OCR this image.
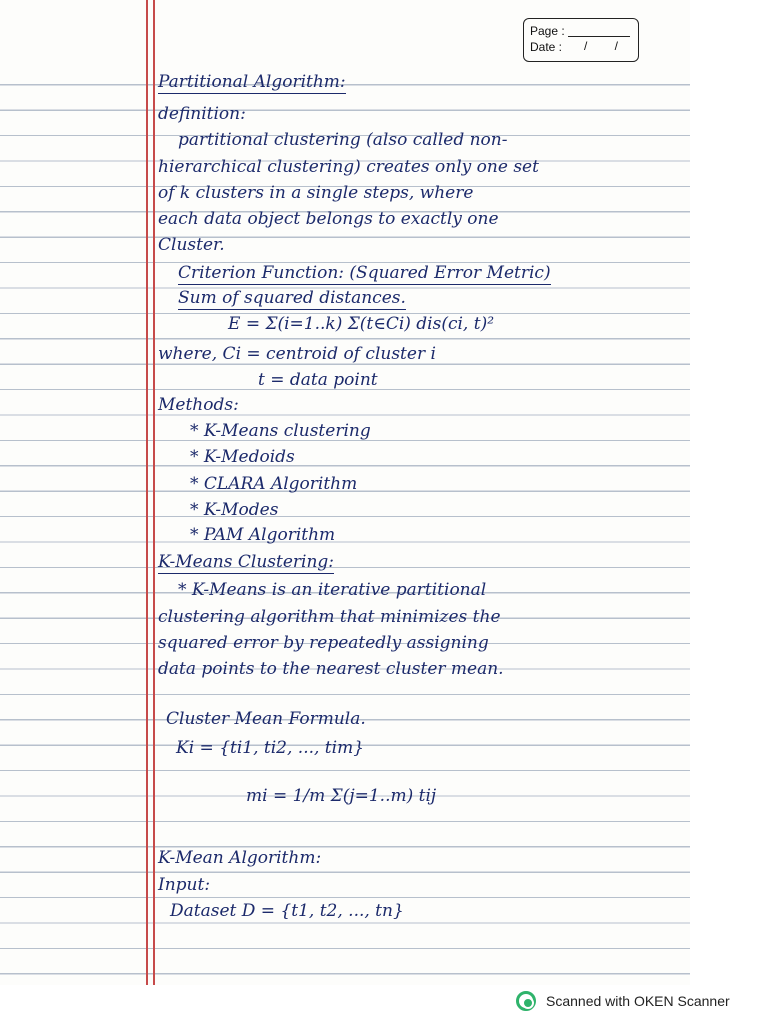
Page :
Date : / /
Partitional Algorithm:
definition:
partitional clustering (also called non-
hierarchical clustering) creates only one set
of k clusters in a single steps, where
each data object belongs to exactly one
Cluster.
Criterion Function: (Squared Error Metric)
Sum of squared distances.
E = Σ(i=1..k) Σ(t∈Ci) dis(ci, t)²
where, Ci = centroid of cluster i
t = data point
Methods:
* K-Means clustering
* K-Medoids
* CLARA Algorithm
* K-Modes
* PAM Algorithm
K-Means Clustering:
* K-Means is an iterative partitional
clustering algorithm that minimizes the
squared error by repeatedly assigning
data points to the nearest cluster mean.
Cluster Mean Formula.
Ki = {ti1, ti2, ..., tim}
mi = 1/m Σ(j=1..m) tij
K-Mean Algorithm:
Input:
Dataset D = {t1, t2, ..., tn}
Scanned with OKEN Scanner
